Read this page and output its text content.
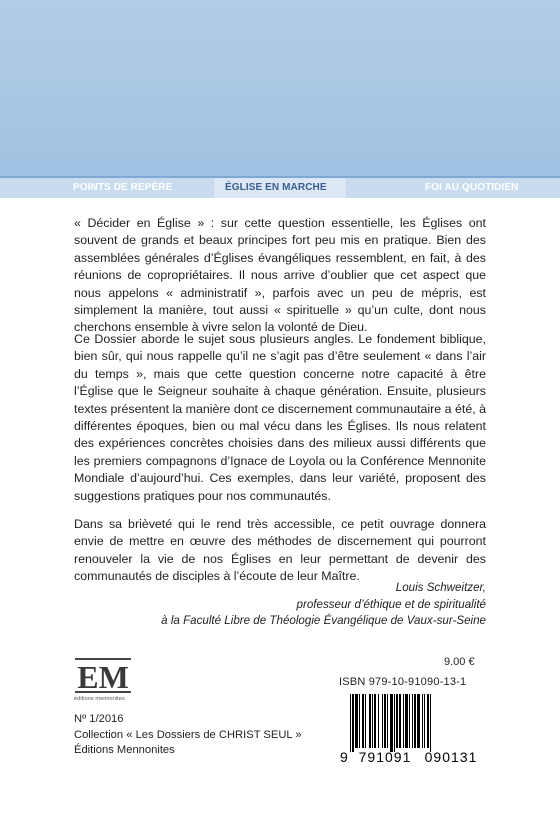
POINTS DE REPÈRE	ÉGLISE EN MARCHE	FOI AU QUOTIDIEN

« Décider en Église » : sur cette question essentielle, les Églises ont souvent de grands et beaux principes fort peu mis en pratique. Bien des assemblées générales d’Églises évangéliques ressemblent, en fait, à des réunions de copropriétaires. Il nous arrive d’oublier que cet aspect que nous appelons « administratif », parfois avec un peu de mépris, est simplement la manière, tout aussi « spirituelle » qu’un culte, dont nous cherchons ensemble à vivre selon la volonté de Dieu.

Ce Dossier aborde le sujet sous plusieurs angles. Le fondement biblique, bien sûr, qui nous rappelle qu’il ne s’agit pas d’être seulement « dans l’air du temps », mais que cette question concerne notre capacité à être l’Église que le Seigneur souhaite à chaque génération. Ensuite, plusieurs textes présentent la manière dont ce discernement communautaire a été, à différentes époques, bien ou mal vécu dans les Églises. Ils nous relatent des expériences concrètes choisies dans des milieux aussi différents que les premiers compagnons d’Ignace de Loyola ou la Conférence Mennonite Mondiale d’aujourd’hui. Ces exemples, dans leur variété, proposent des suggestions pratiques pour nos communautés.

Dans sa brièveté qui le rend très accessible, ce petit ouvrage donnera envie de mettre en œuvre des méthodes de discernement qui pourront renouveler la vie de nos Églises en leur permettant de devenir des communautés de disciples à l’écoute de leur Maître.

Louis Schweitzer,
professeur d’éthique et de spiritualité
à la Faculté Libre de Théologie Évangélique de Vaux-sur-Seine
EM
éditions mennonites
9.00 €
ISBN 979-10-91090-13-1
9 791091 090131
Nº 1/2016
Collection « Les Dossiers de CHRIST SEUL »
Éditions Mennonites
